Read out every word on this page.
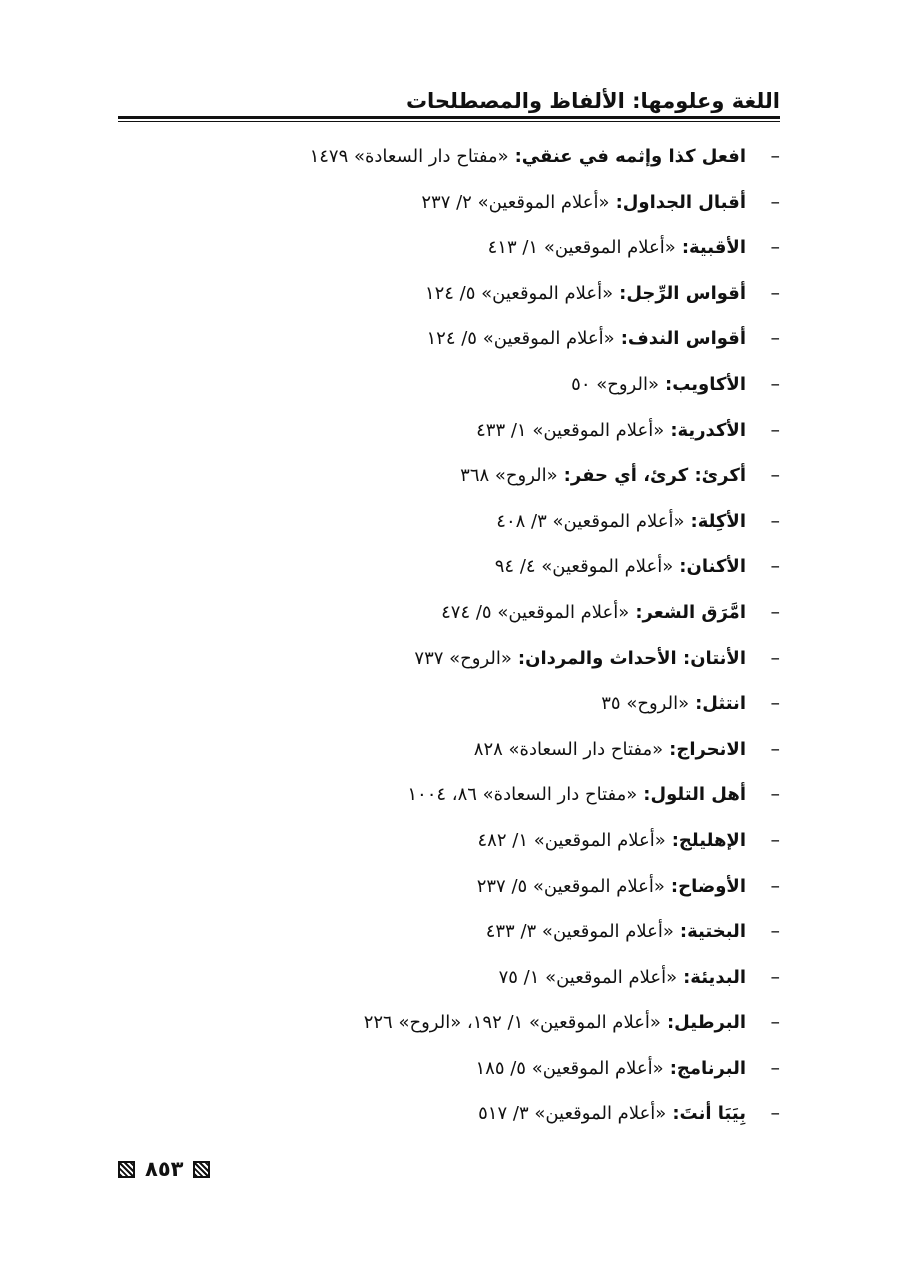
اللغة وعلومها: الألفاظ والمصطلحات
–
افعل كذا وإثمه في عنقي:«مفتاح دار السعادة» ١٤٧٩
–
أقبال الجداول:«أعلام الموقعين» ٢/ ٢٣٧
–
الأقبية:«أعلام الموقعين» ١/ ٤١٣
–
أقواس الرِّجل:«أعلام الموقعين» ٥/ ١٢٤
–
أقواس الندف:«أعلام الموقعين» ٥/ ١٢٤
–
الأكاويب:«الروح» ٥٠
–
الأكدرية:«أعلام الموقعين» ١/ ٤٣٣
–
أكرئ: كرئ، أي حفر:«الروح» ٣٦٨
–
الأكِلة:«أعلام الموقعين» ٣/ ٤٠٨
–
الأكنان:«أعلام الموقعين» ٤/ ٩٤
–
امَّرَق الشعر:«أعلام الموقعين» ٥/ ٤٧٤
–
الأنتان: الأحداث والمردان:«الروح» ٧٣٧
–
انتثل:«الروح» ٣٥
–
الانحراج:«مفتاح دار السعادة» ٨٢٨
–
أهل التلول:«مفتاح دار السعادة» ٨٦، ١٠٠٤
–
الإهليلج:«أعلام الموقعين» ١/ ٤٨٢
–
الأوضاح:«أعلام الموقعين» ٥/ ٢٣٧
–
البختية:«أعلام الموقعين» ٣/ ٤٣٣
–
البديئة:«أعلام الموقعين» ١/ ٧٥
–
البرطيل:«أعلام الموقعين» ١/ ١٩٢، «الروح» ٢٢٦
–
البرنامج:«أعلام الموقعين» ٥/ ١٨٥
–
بِيَبَا أنتَ:«أعلام الموقعين» ٣/ ٥١٧
٨٥٣
